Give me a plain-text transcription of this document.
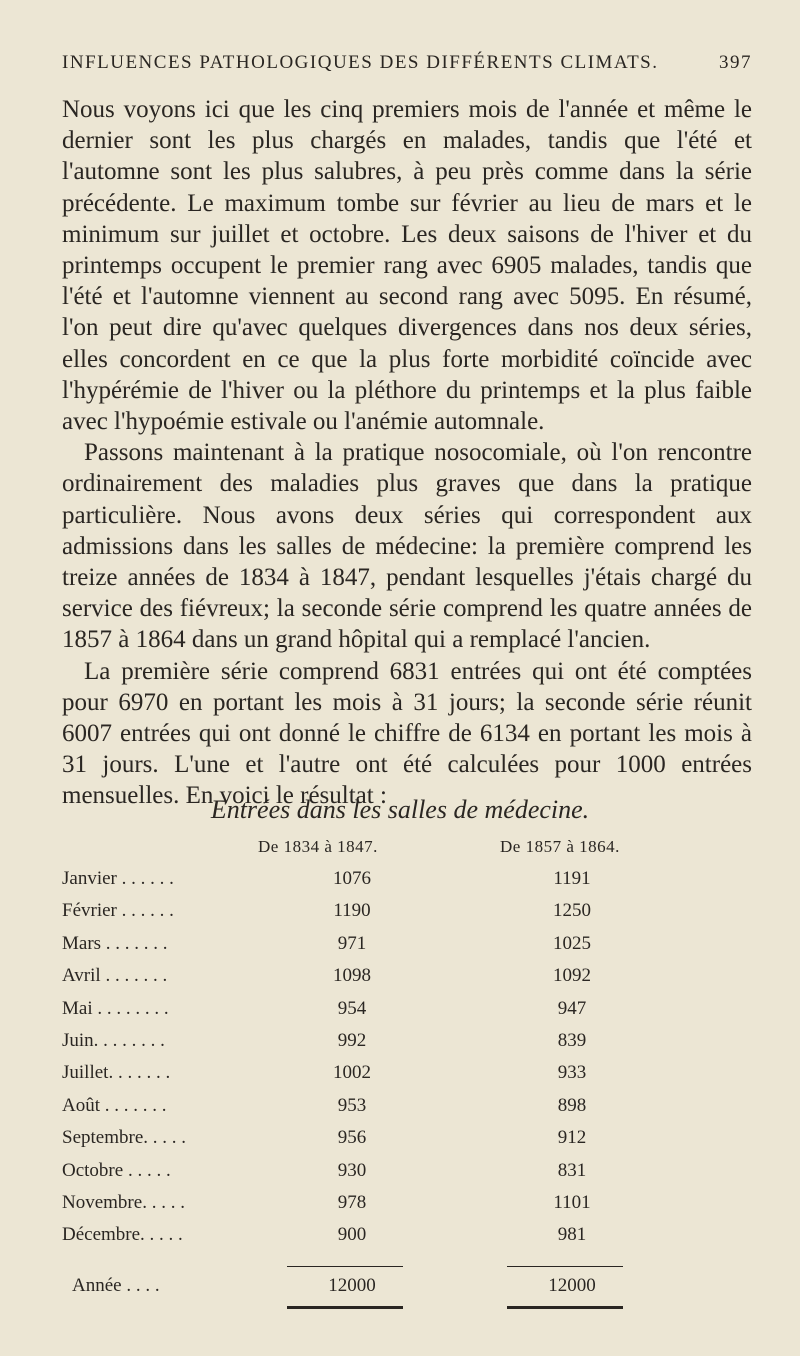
INFLUENCES PATHOLOGIQUES DES DIFFÉRENTS CLIMATS.	397

Nous voyons ici que les cinq premiers mois de l'année et même le dernier sont les plus chargés en malades, tandis que l'été et l'automne sont les plus salubres, à peu près comme dans la série précédente. Le maximum tombe sur février au lieu de mars et le minimum sur juillet et octobre. Les deux saisons de l'hiver et du printemps occupent le premier rang avec 6905 malades, tandis que l'été et l'automne viennent au second rang avec 5095. En résumé, l'on peut dire qu'avec quelques divergences dans nos deux séries, elles concordent en ce que la plus forte morbidité coïncide avec l'hypérémie de l'hiver ou la pléthore du printemps et la plus faible avec l'hypoémie estivale ou l'anémie automnale.

Passons maintenant à la pratique nosocomiale, où l'on rencontre ordinairement des maladies plus graves que dans la pratique particulière. Nous avons deux séries qui correspondent aux admissions dans les salles de médecine: la première comprend les treize années de 1834 à 1847, pendant lesquelles j'étais chargé du service des fiévreux; la seconde série comprend les quatre années de 1857 à 1864 dans un grand hôpital qui a remplacé l'ancien.

La première série comprend 6831 entrées qui ont été comptées pour 6970 en portant les mois à 31 jours; la seconde série réunit 6007 entrées qui ont donné le chiffre de 6134 en portant les mois à 31 jours. L'une et l'autre ont été calculées pour 1000 entrées mensuelles. En voici le résultat :

Entrées dans les salles de médecine.
De 1834 à 1847.	De 1857 à 1864.
Janvier . . . . . .	1076	1191
Février . . . . . .	1190	1250
Mars . . . . . . .	971	1025
Avril . . . . . . .	1098	1092
Mai . . . . . . . .	954	947
Juin. . . . . . . .	992	839
Juillet. . . . . . .	1002	933
Août . . . . . . .	953	898
Septembre. . . . .	956	912
Octobre . . . . .	930	831
Novembre. . . . .	978	1101
Décembre. . . . .	900	981
Année . . . .	12000	12000
